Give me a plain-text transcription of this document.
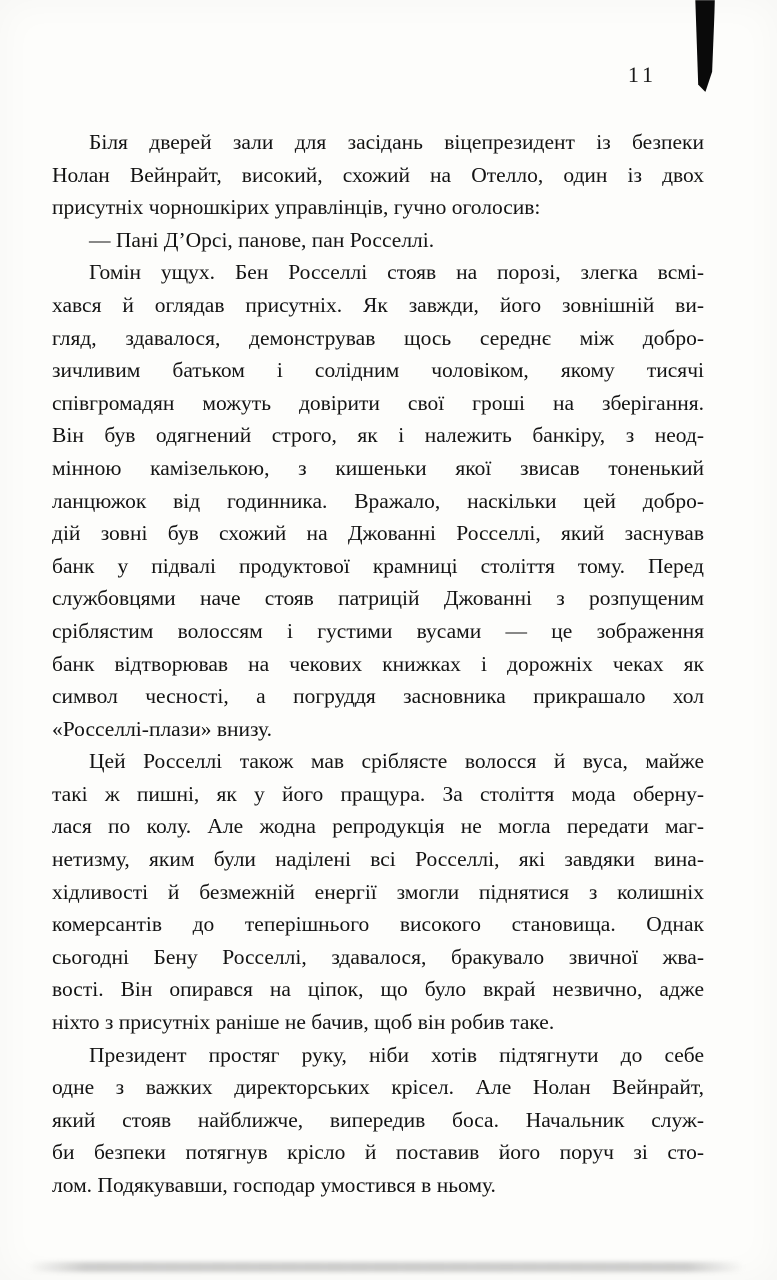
11
Біля дверей зали для засідань віцепрезидент із безпеки
Нолан Вейнрайт, високий, схожий на Отелло, один із двох
присутніх чорношкірих управлінців, гучно оголосив:
— Пані Д’Орсі, панове, пан Росселлі.
Гомін ущух. Бен Росселлі стояв на порозі, злегка всмі-
хався й оглядав присутніх. Як завжди, його зовнішній ви-
гляд, здавалося, демонстрував щось середнє між добро-
зичливим батьком і солідним чоловіком, якому тисячі
співгромадян можуть довірити свої гроші на зберігання.
Він був одягнений строго, як і належить банкіру, з неод-
мінною камізелькою, з кишеньки якої звисав тоненький
ланцюжок від годинника. Вражало, наскільки цей добро-
дій зовні був схожий на Джованні Росселлі, який заснував
банк у підвалі продуктової крамниці століття тому. Перед
службовцями наче стояв патрицій Джованні з розпущеним
сріблястим волоссям і густими вусами — це зображення
банк відтворював на чекових книжках і дорожніх чеках як
символ чесності, а погруддя засновника прикрашало хол
«Росселлі-плази» внизу.
Цей Росселлі також мав сріблясте волосся й вуса, майже
такі ж пишні, як у його пращура. За століття мода оберну-
лася по колу. Але жодна репродукція не могла передати маг-
нетизму, яким були наділені всі Росселлі, які завдяки вина-
хідливості й безмежній енергії змогли піднятися з колишніх
комерсантів до теперішнього високого становища. Однак
сьогодні Бену Росселлі, здавалося, бракувало звичної жва-
вості. Він опирався на ціпок, що було вкрай незвично, адже
ніхто з присутніх раніше не бачив, щоб він робив таке.
Президент простяг руку, ніби хотів підтягнути до себе
одне з важких директорських крісел. Але Нолан Вейнрайт,
який стояв найближче, випередив боса. Начальник служ-
би безпеки потягнув крісло й поставив його поруч зі сто-
лом. Подякувавши, господар умостився в ньому.
